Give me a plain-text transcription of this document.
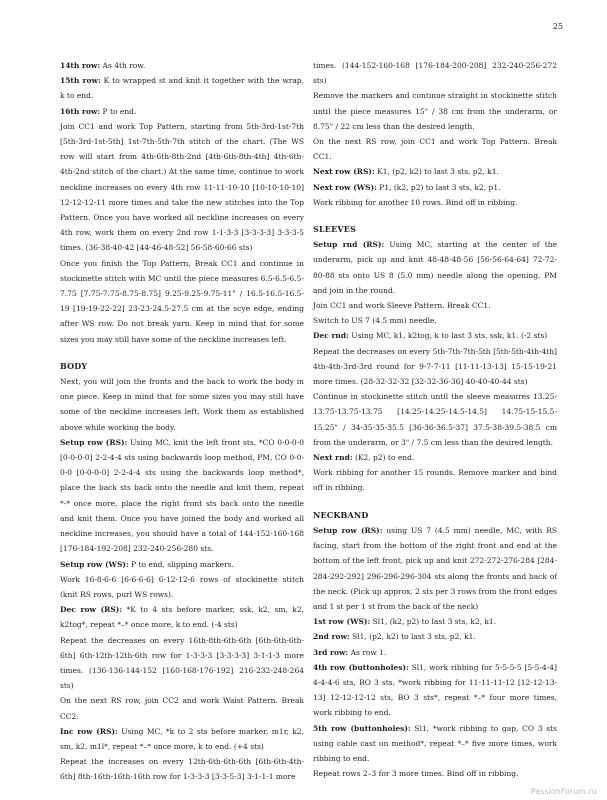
25

14th row: As 4th row.

15th row: K to wrapped st and knit it together with the wrap, k to end.

16th row: P to end.

Join CC1 and work Top Pattern, starting from 5th-3rd-1st-7th [5th-3rd-1st-5th] 1st-7th-5th-7th stitch of the chart. (The WS row will start from 4th-6th-8th-2nd [4th-6th-8th-4th] 4th-6th-4th-2nd stitch of the chart.) At the same time, continue to work neckline increases on every 4th row 11-11-10-10 [10-10-10-10] 12-12-12-11 more times and take the new stitches into the Top Pattern. Once you have worked all neckline increases on every 4th row, work them on every 2nd row 1-1-3-3 [3-3-3-3] 3-3-3-5 times. (36-38-40-42 [44-46-48-52] 56-58-60-66 sts)

Once you finish the Top Pattern, Break CC1 and continue in stockinette stitch with MC until the piece measures 6.5-6.5-6.5-7.75 [7.75-7.75-8.75-8.75] 9.25-9.25-9.75-11" / 16.5-16.5-16.5-19 [19-19-22-22] 23-23-24.5-27.5 cm at the scye edge, ending after WS row. Do not break yarn. Keep in mind that for some sizes you may still have some of the neckline increases left.

BODY

Next, you will join the fronts and the back to work the body in one piece. Keep in mind that for some sizes you may still have some of the neckline increases left. Work them as established above while working the body.

Setup row (RS): Using MC, knit the left front sts, *CO 0-0-0-0 [0-0-0-0] 2-2-4-4 sts using backwards loop method, PM, CO 0-0-0-0 [0-0-0-0] 2-2-4-4 sts using the backwards loop method*, place the back sts back onto the needle and knit them, repeat *-* once more, place the right front sts back onto the needle and knit them. Once you have joined the body and worked all neckline increases, you should have a total of 144-152-160-168 [176-184-192-208] 232-240-256-280 sts.

Setup row (WS): P to end, slipping markers.

Work 16-8-6-6 [6-6-6-6] 6-12-12-6 rows of stockinette stitch (knit RS rows, purl WS rows).

Dec row (RS): *K to 4 sts before marker, ssk, k2, sm, k2, k2tog*, repeat *–* once more, k to end. (-4 sts)

Repeat the decreases on every 16th-8th-6th-6th [6th-6th-6th-6th] 6th-12th-12th-6th row for 1-3-3-3 [3-3-3-3] 3-1-1-3 more times. (136-136-144-152 [160-168-176-192] 216-232-248-264 sts)

On the next RS row, join CC2 and work Waist Pattern. Break CC2.

Inc row (RS): Using MC, *k to 2 sts before marker, m1r, k2, sm, k2, m1l*, repeat *–* once more, k to end. (+4 sts)

Repeat the increases on every 12th-6th-6th-6th [6th-6th-4th-6th] 8th-16th-16th-16th row for 1-3-3-3 [3-3-5-3] 3-1-1-1 more

times. (144-152-160-168 [176-184-200-208] 232-240-256-272 sts)

Remove the markers and continue straight in stockinette stitch until the piece measures 15" / 38 cm from the underarm, or 8.75" / 22 cm less than the desired length.

On the next RS row, join CC1 and work Top Pattern. Break CC1.

Next row (RS): K1, (p2, k2) to last 3 sts, p2, k1.

Next row (WS): P1, (k2, p2) to last 3 sts, k2, p1.

Work ribbing for another 10 rows. Bind off in ribbing.

SLEEVES

Setup rnd (RS): Using MC, starting at the center of the underarm, pick up and knit 48-48-48-56 [56-56-64-64] 72-72-80-88 sts onto US 8 (5.0 mm) needle along the opening, PM and join in the round.

Join CC1 and work Sleeve Pattern. Break CC1.

Switch to US 7 (4.5 mm) needle.

Dec rnd: Using MC, k1, k2tog, k to last 3 sts, ssk, k1. (-2 sts)

Repeat the decreases on every 5th-7th-7th-5th [5th-5th-4th-4th] 4th-4th-3rd-3rd round for 9-7-7-11 [11-11-13-13] 15-15-19-21 more times. (28-32-32-32 [32-32-36-36] 40-40-40-44 sts)

Continue in stockinette stitch until the sleeve measures 13.25-13.75-13.75-13.75 [14.25-14.25-14.5-14.5] 14.75-15-15.5-15.25" / 34-35-35-35.5 [36-36-36.5-37] 37.5-38-39.5-38.5 cm from the underarm, or 3" / 7.5 cm less than the desired length.

Next rnd: (K2, p2) to end.

Work ribbing for another 15 rounds. Remove marker and bind off in ribbing.

NECKBAND

Setup row (RS): using US 7 (4.5 mm) needle, MC, with RS facing, start from the bottom of the right front and end at the bottom of the left front, pick up and knit 272-272-276-284 [284-284-292-292] 296-296-296-304 sts along the fronts and back of the neck. (Pick up approx. 2 sts per 3 rows from the front edges and 1 st per 1 st from the back of the neck)

1st row (WS): Sl1, (k2, p2) to last 3 sts, k2, k1.

2nd row: Sl1, (p2, k2) to last 3 sts, p2, k1.

3rd row: As row 1.

4th row (buttonholes): Sl1, work ribbing for 5-5-5-5 [5-5-4-4] 4-4-4-6 sts, BO 3 sts, *work ribbing for 11-11-11-12 [12-12-13-13] 12-12-12-12 sts, BO 3 sts*, repeat *–* four more times, work ribbing to end.

5th row (buttonholes): Sl1, *work ribbing to gap, CO 3 sts using cable cast on method*, repeat *–* five more times, work ribbing to end.

Repeat rows 2–3 for 3 more times. Bind off in ribbing.

PassionForum.ru
